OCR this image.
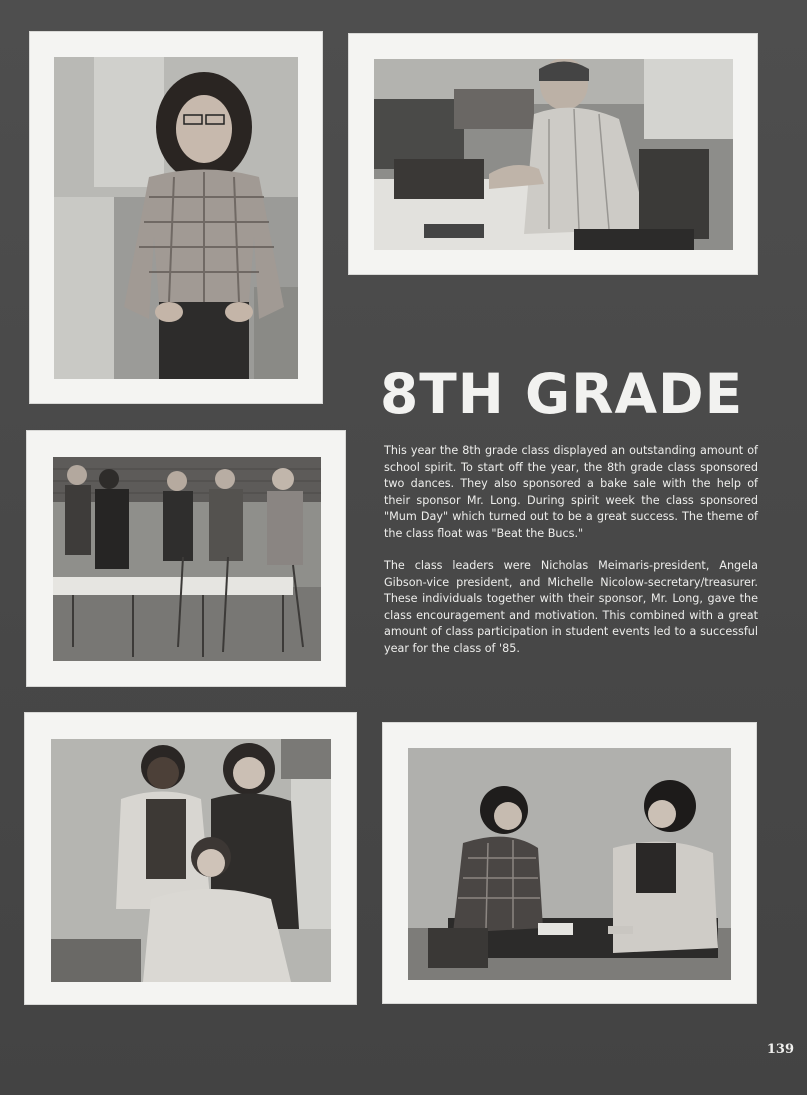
8TH GRADE

This year the 8th grade class displayed an outstanding amount of school spirit. To start off the year, the 8th grade class sponsored two dances. They also sponsored a bake sale with the help of their sponsor Mr. Long. During spirit week the class sponsored "Mum Day" which turned out to be a great success. The theme of the class float was "Beat the Bucs."

The class leaders were Nicholas Meimaris-president, Angela Gibson-vice president, and Michelle Nicolow-secretary/treasurer. These individuals together with their sponsor, Mr. Long, gave the class encouragement and motivation. This combined with a great amount of class participation in student events led to a successful year for the class of '85.

139
